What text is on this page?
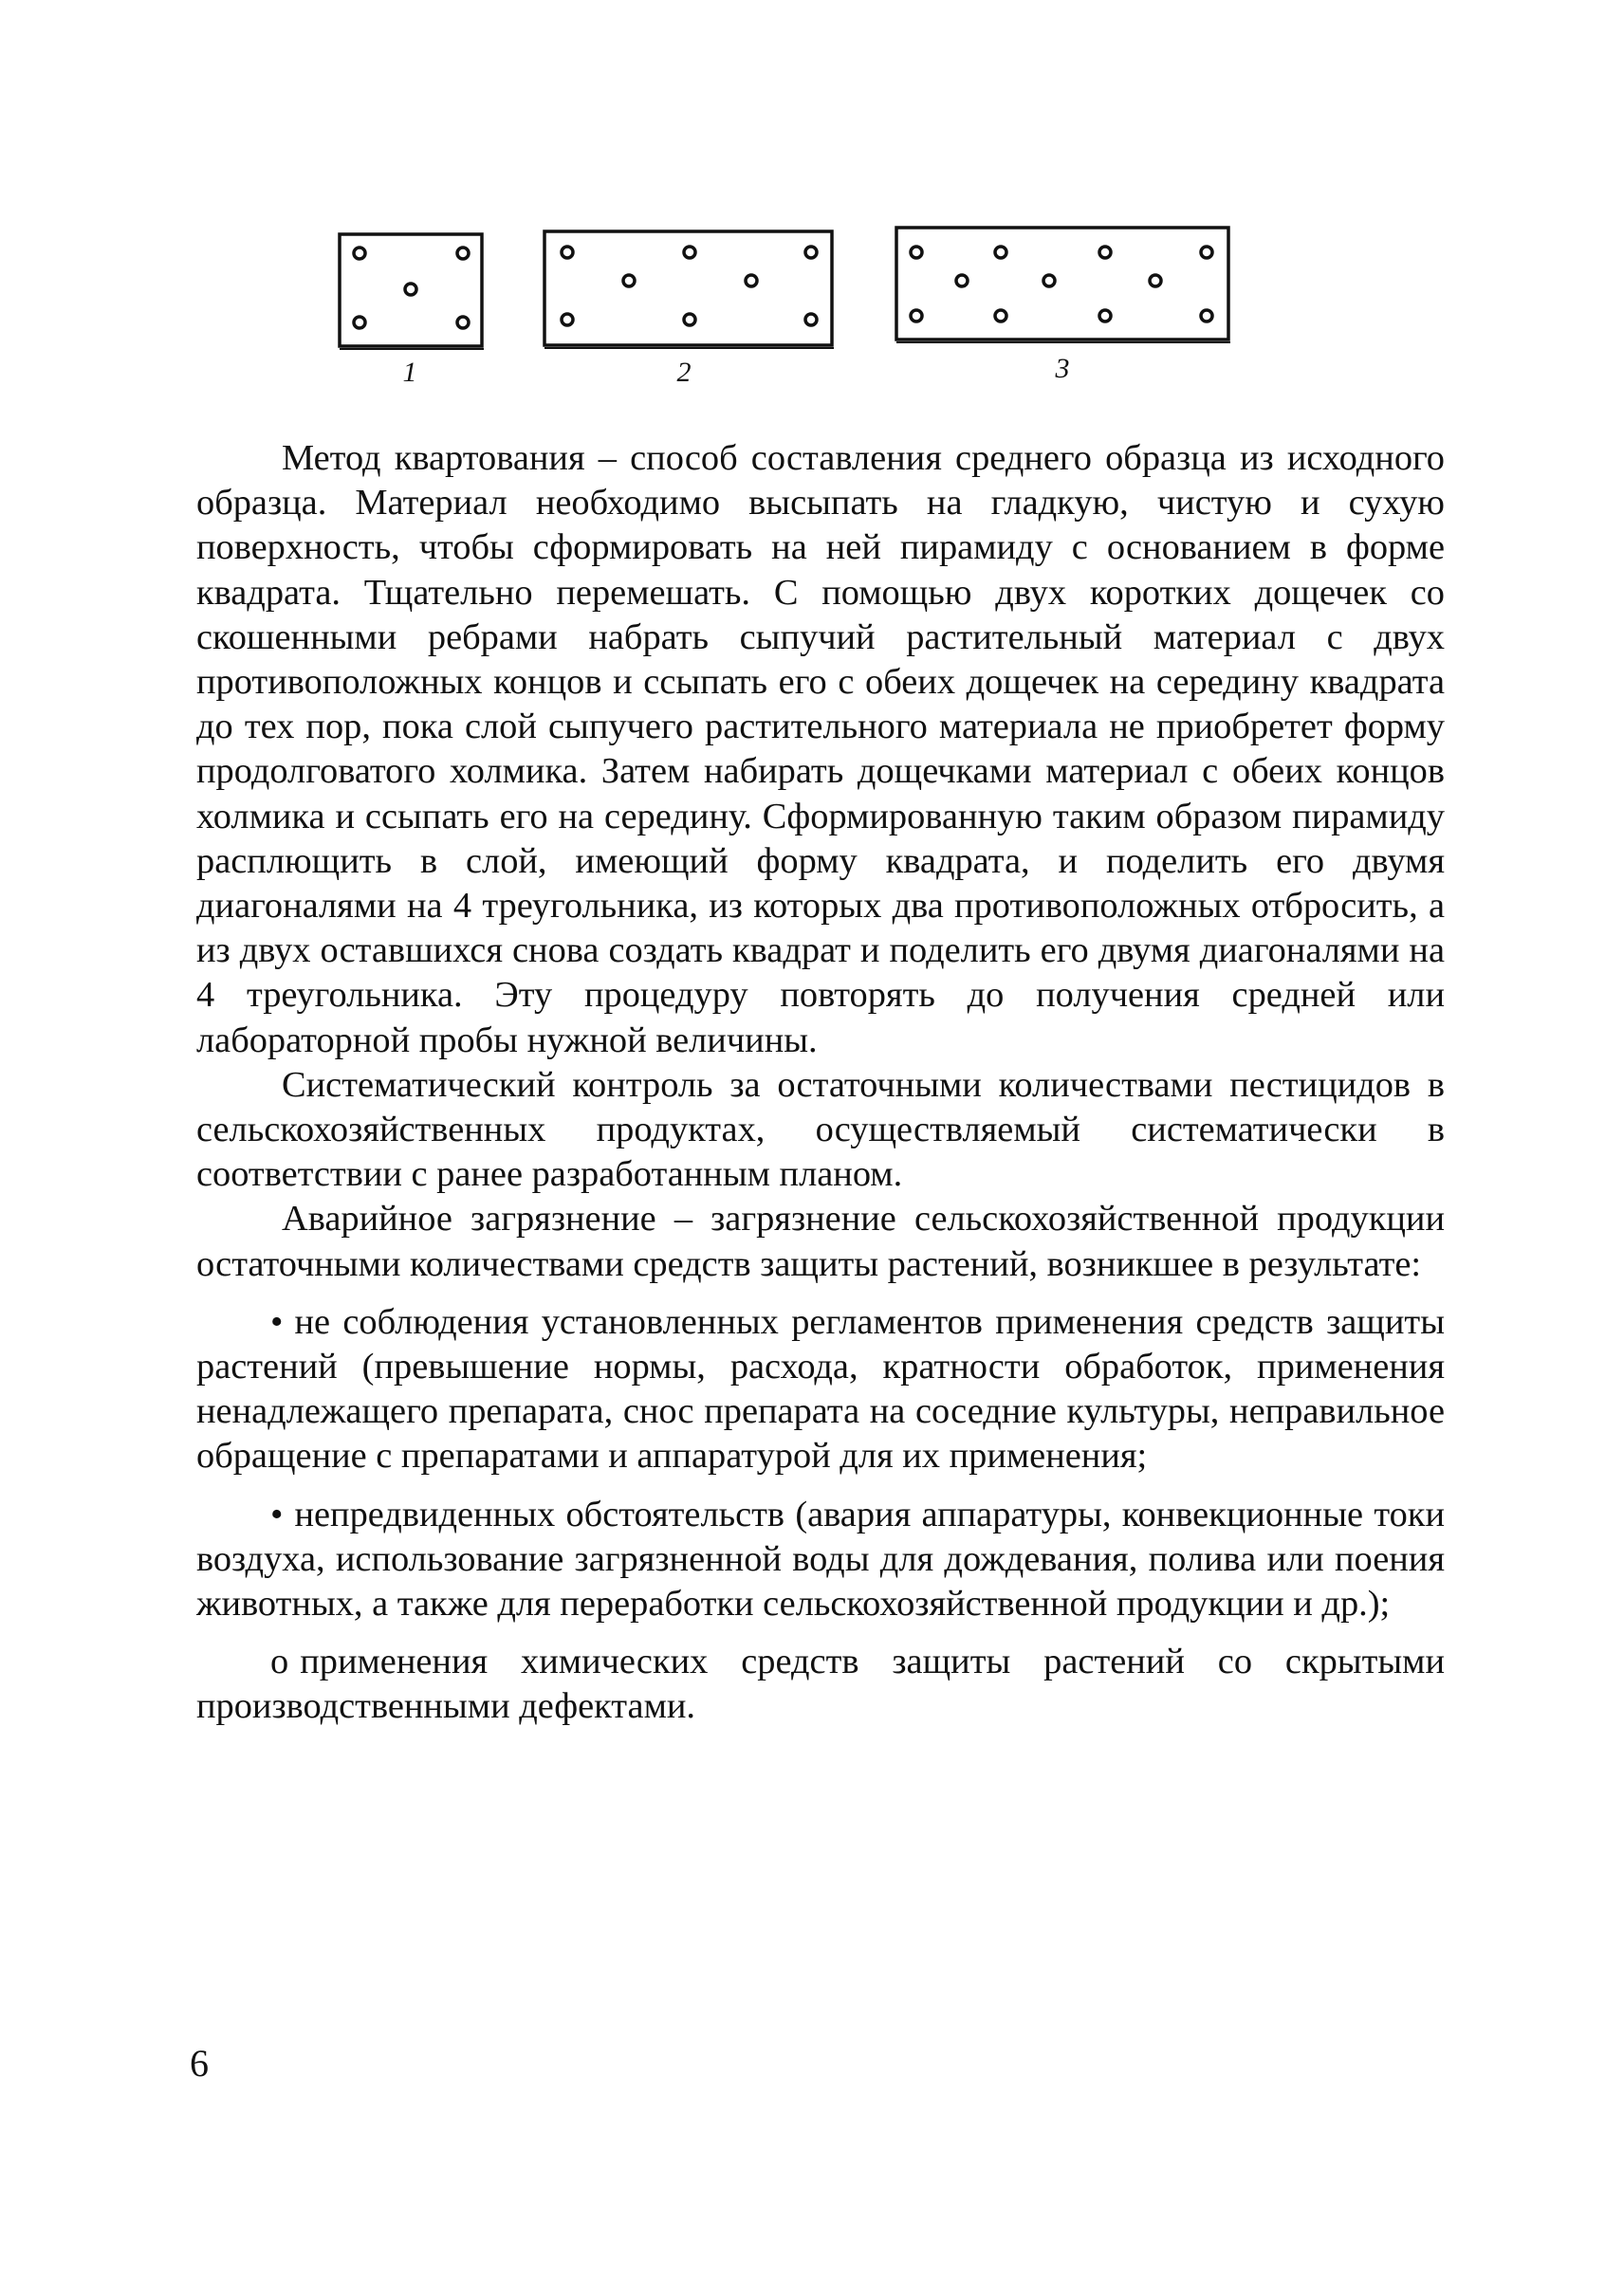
1	2	3

Метод квартования – способ составления среднего образца из исходного образца. Материал необходимо высыпать на гладкую, чистую и сухую поверхность, чтобы сформировать на ней пирамиду с основанием в форме квадрата. Тщательно перемешать. С помощью двух коротких дощечек со скошенными ребрами набрать сыпучий растительный материал с двух противоположных концов и ссыпать его с обеих дощечек на середину квадрата до тех пор, пока слой сыпучего растительного материала не приобретет форму продолговатого холмика. Затем набирать дощечками материал с обеих концов холмика и ссыпать его на середину. Сформированную таким образом пирамиду расплющить в слой, имеющий форму квадрата, и поделить его двумя диагоналями на 4 треугольника, из которых два противоположных отбросить, а из двух оставшихся снова создать квадрат и поделить его двумя диагоналями на 4 треугольника. Эту процедуру повторять до получения средней или лабораторной пробы нужной величины.

Систематический контроль за остаточными количествами пестицидов в сельскохозяйственных продуктах, осуществляемый систематически в соответствии с ранее разработанным планом.

Аварийное загрязнение – загрязнение сельскохозяйственной продукции остаточными количествами средств защиты растений, возникшее в результате:

• не соблюдения установленных регламентов применения средств защиты растений (превышение нормы, расхода, кратности обработок, применения ненадлежащего препарата, снос препарата на соседние культуры, неправильное обращение с препаратами и аппаратурой для их применения;

• непредвиденных обстоятельств (авария аппаратуры, конвекционные токи воздуха, использование загрязненной воды для дождевания, полива или поения животных, а также для переработки сельскохозяйственной продукции и др.);

о применения химических средств защиты растений со скрытыми производственными дефектами.

6
